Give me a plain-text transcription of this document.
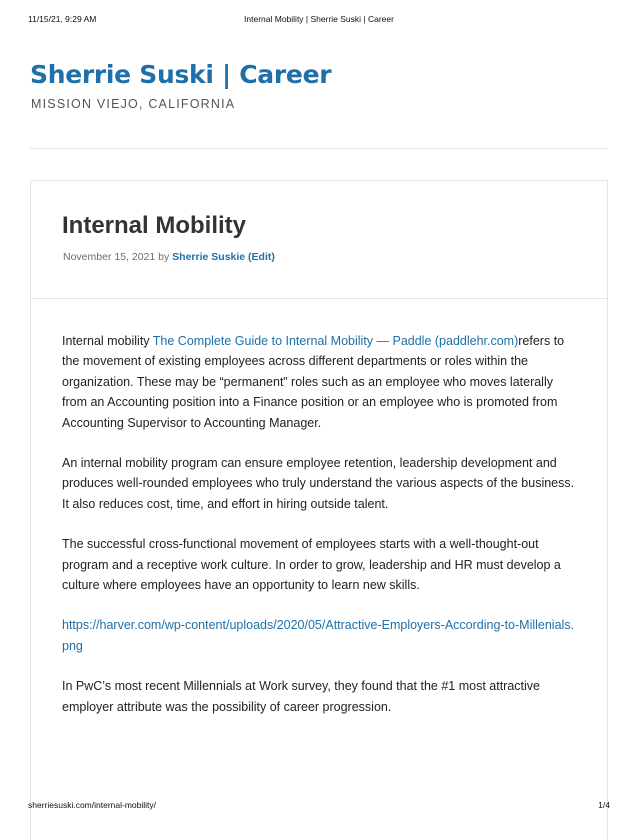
11/15/21, 9:29 AM	Internal Mobility | Sherrie Suski | Career
Sherrie Suski | Career
MISSION VIEJO, CALIFORNIA
Internal Mobility
November 15, 2021 by Sherrie Suskie (Edit)

Internal mobility The Complete Guide to Internal Mobility — Paddle (paddlehr.com)refers to the movement of existing employees across different departments or roles within the organization. These may be “permanent” roles such as an employee who moves laterally from an Accounting position into a Finance position or an employee who is promoted from Accounting Supervisor to Accounting Manager.

An internal mobility program can ensure employee retention, leadership development and produces well-rounded employees who truly understand the various aspects of the business. It also reduces cost, time, and effort in hiring outside talent.

The successful cross-functional movement of employees starts with a well-thought-out program and a receptive work culture. In order to grow, leadership and HR must develop a culture where employees have an opportunity to learn new skills.

https://harver.com/wp-content/uploads/2020/05/Attractive-Employers-According-to-Millenials.png

In PwC’s most recent Millennials at Work survey, they found that the #1 most attractive employer attribute was the possibility of career progression.

sherriesuski.com/internal-mobility/	1/4
